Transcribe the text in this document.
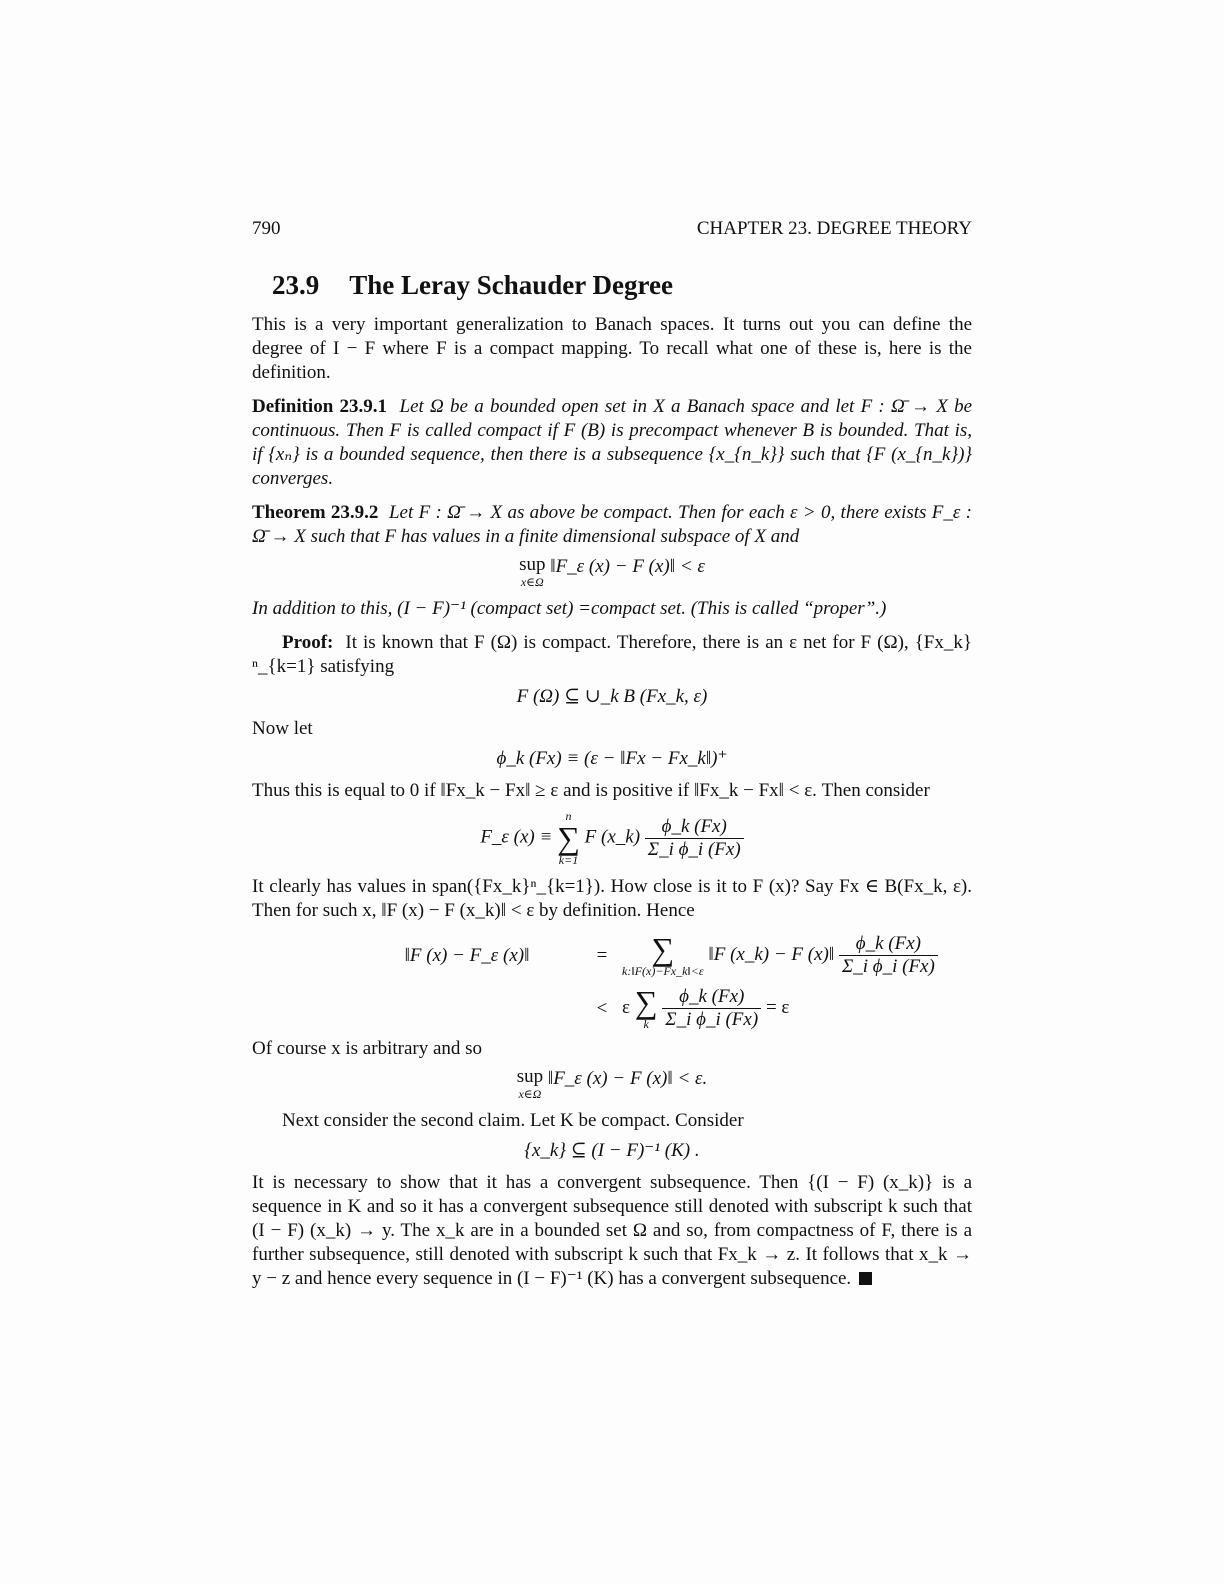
790	CHAPTER 23. DEGREE THEORY
23.9 The Leray Schauder Degree

This is a very important generalization to Banach spaces. It turns out you can define the degree of I − F where F is a compact mapping. To recall what one of these is, here is the definition.

Definition 23.9.1 Let Ω be a bounded open set in X a Banach space and let F : Ω̄ → X be continuous. Then F is called compact if F (B) is precompact whenever B is bounded. That is, if {xₙ} is a bounded sequence, then there is a subsequence {x_{n_k}} such that {F (x_{n_k})} converges.

Theorem 23.9.2 Let F : Ω̄ → X as above be compact. Then for each ε > 0, there exists F_ε : Ω̄ → X such that F has values in a finite dimensional subspace of X and

sup
x∈Ω
‖F_ε (x) − F (x)‖ < ε

In addition to this, (I − F)⁻¹ (compact set) =compact set. (This is called “proper”.)

Proof: It is known that F (Ω) is compact. Therefore, there is an ε net for F (Ω), {Fx_k}ⁿ_{k=1} satisfying

F (Ω) ⊆ ∪_k B (Fx_k, ε)

Now let

ϕ_k (Fx) ≡ (ε − ‖Fx − Fx_k‖)⁺

Thus this is equal to 0 if ‖Fx_k − Fx‖ ≥ ε and is positive if ‖Fx_k − Fx‖ < ε. Then consider

F_ε (x) ≡
n
∑
k=1
F (x_k) $\frac{\phi\_k (Fx)}{\text{Σ\_i ϕ\_i (Fx)}}$

It clearly has values in span({Fx_k}ⁿ_{k=1}). How close is it to F (x)? Say Fx ∈ B(Fx_k, ε). Then for such x, ‖F (x) − F (x_k)‖ < ε by definition. Hence

‖F (x) − F_ε (x)‖	=	∑
k:‖F(x)−Fx_k‖<ε
‖F (x_k) − F (x)‖ $\frac{\phi\_k (Fx)}{\text{Σ\_i ϕ\_i (Fx)}}$
< ε ∑
k
$\frac{\phi\_k (Fx)}{\text{Σ\_i ϕ\_i (Fx)}} = \varepsilon$

Of course x is arbitrary and so

sup
x∈Ω
‖F_ε (x) − F (x)‖ < ε.

Next consider the second claim. Let K be compact. Consider

{x_k} ⊆ (I − F)⁻¹ (K) .

It is necessary to show that it has a convergent subsequence. Then {(I − F) (x_k)} is a sequence in K and so it has a convergent subsequence still denoted with subscript k such that (I − F) (x_k) → y. The x_k are in a bounded set Ω and so, from compactness of F, there is a further subsequence, still denoted with subscript k such that Fx_k → z. It follows that x_k → y − z and hence every sequence in (I − F)⁻¹ (K) has a convergent subsequence.
